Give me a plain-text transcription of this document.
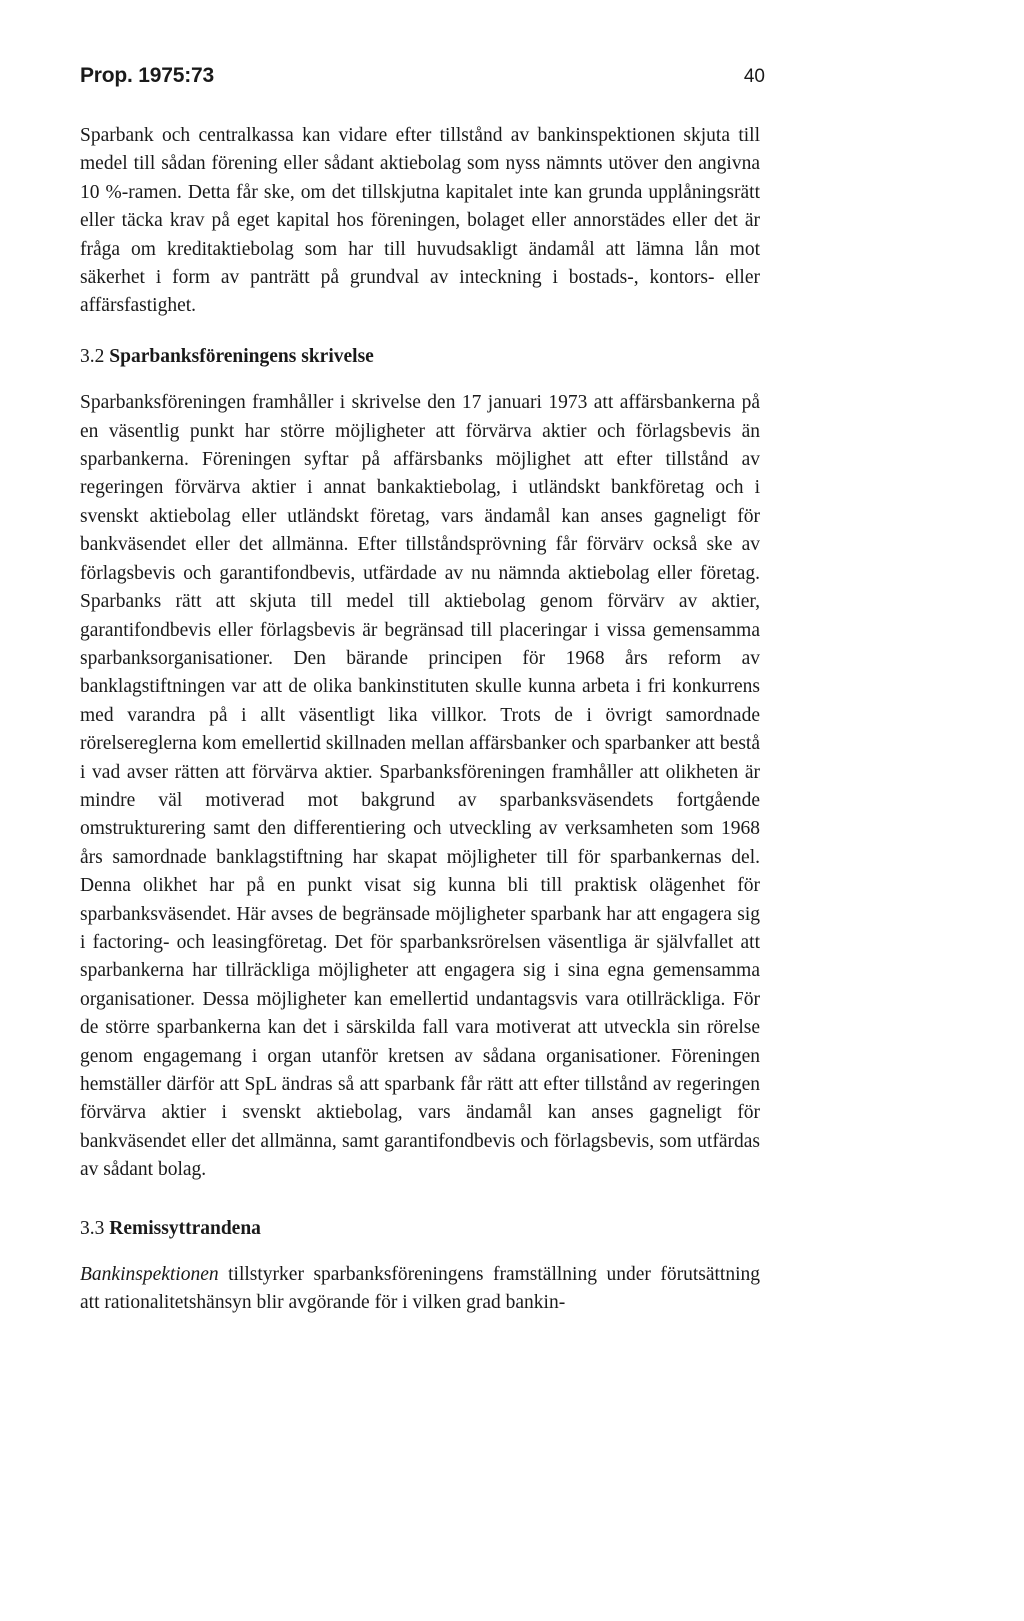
Prop. 1975:73	40

Sparbank och centralkassa kan vidare efter tillstånd av bankinspektionen skjuta till medel till sådan förening eller sådant aktiebolag som nyss nämnts utöver den angivna 10 %-ramen. Detta får ske, om det tillskjutna kapitalet inte kan grunda upplåningsrätt eller täcka krav på eget kapital hos föreningen, bolaget eller annorstädes eller det är fråga om kreditaktiebolag som har till huvudsakligt ändamål att lämna lån mot säkerhet i form av panträtt på grundval av inteckning i bostads-, kontors- eller affärsfastighet.

3.2 Sparbanksföreningens skrivelse

Sparbanksföreningen framhåller i skrivelse den 17 januari 1973 att affärsbankerna på en väsentlig punkt har större möjligheter att förvärva aktier och förlagsbevis än sparbankerna. Föreningen syftar på affärsbanks möjlighet att efter tillstånd av regeringen förvärva aktier i annat bankaktiebolag, i utländskt bankföretag och i svenskt aktiebolag eller utländskt företag, vars ändamål kan anses gagneligt för bankväsendet eller det allmänna. Efter tillståndsprövning får förvärv också ske av förlagsbevis och garantifondbevis, utfärdade av nu nämnda aktiebolag eller företag. Sparbanks rätt att skjuta till medel till aktiebolag genom förvärv av aktier, garantifondbevis eller förlagsbevis är begränsad till placeringar i vissa gemensamma sparbanksorganisationer. Den bärande principen för 1968 års reform av banklagstiftningen var att de olika bankinstituten skulle kunna arbeta i fri konkurrens med varandra på i allt väsentligt lika villkor. Trots de i övrigt samordnade rörelsereglerna kom emellertid skillnaden mellan affärsbanker och sparbanker att bestå i vad avser rätten att förvärva aktier. Sparbanksföreningen framhåller att olikheten är mindre väl motiverad mot bakgrund av sparbanksväsendets fortgående omstrukturering samt den differentiering och utveckling av verksamheten som 1968 års samordnade banklagstiftning har skapat möjligheter till för sparbankernas del. Denna olikhet har på en punkt visat sig kunna bli till praktisk olägenhet för sparbanksväsendet. Här avses de begränsade möjligheter sparbank har att engagera sig i factoring- och leasingföretag. Det för sparbanksrörelsen väsentliga är självfallet att sparbankerna har tillräckliga möjligheter att engagera sig i sina egna gemensamma organisationer. Dessa möjligheter kan emellertid undantagsvis vara otillräckliga. För de större sparbankerna kan det i särskilda fall vara motiverat att utveckla sin rörelse genom engagemang i organ utanför kretsen av sådana organisationer. Föreningen hemställer därför att SpL ändras så att sparbank får rätt att efter tillstånd av regeringen förvärva aktier i svenskt aktiebolag, vars ändamål kan anses gagneligt för bankväsendet eller det allmänna, samt garantifondbevis och förlagsbevis, som utfärdas av sådant bolag.

3.3 Remissyttrandena

Bankinspektionen tillstyrker sparbanksföreningens framställning under förutsättning att rationalitetshänsyn blir avgörande för i vilken grad bankin-
